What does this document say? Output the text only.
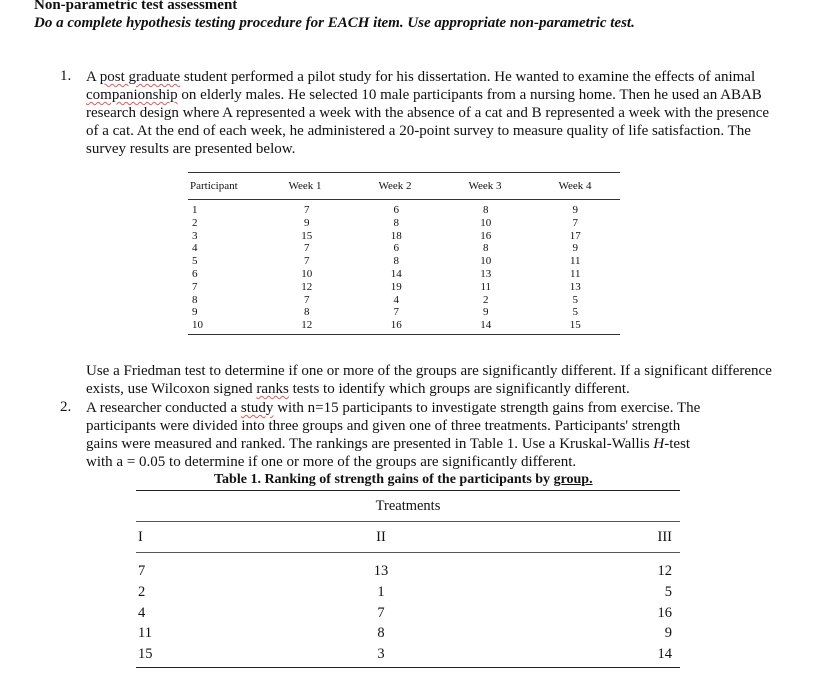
Non-parametric test assessment
Do a complete hypothesis testing procedure for EACH item. Use appropriate non-parametric test.
1. A post graduate student performed a pilot study for his dissertation. He wanted to examine the effects of animal

companionship on elderly males. He selected 10 male participants from a nursing home. Then he used an ABAB

research design where A represented a week with the absence of a cat and B represented a week with the presence

of a cat. At the end of each week, he administered a 20-point survey to measure quality of life satisfaction. The

survey results are presented below.

Participant	Week 1	Week 2	Week 3	Week 4
1	7	6	8	9
2	9	8	10	7
3	15	18	16	17
4	7	6	8	9
5	7	8	10	11
6	10	14	13	11
7	12	19	11	13
8	7	4	2	5
9	8	7	9	5
10	12	16	14	15

Use a Friedman test to determine if one or more of the groups are significantly different. If a significant difference

exists, use Wilcoxon signed ranks tests to identify which groups are significantly different.

2. A researcher conducted a study with n=15 participants to investigate strength gains from exercise. The

participants were divided into three groups and given one of three treatments. Participants' strength

gains were measured and ranked. The rankings are presented in Table 1. Use a Kruskal-Wallis H-test

with a = 0.05 to determine if one or more of the groups are significantly different.

Table 1. Ranking of strength gains of the participants by group.
Treatments
I	II	III
7	13	12
2	1	5
4	7	16
11	8	9
15	3	14
